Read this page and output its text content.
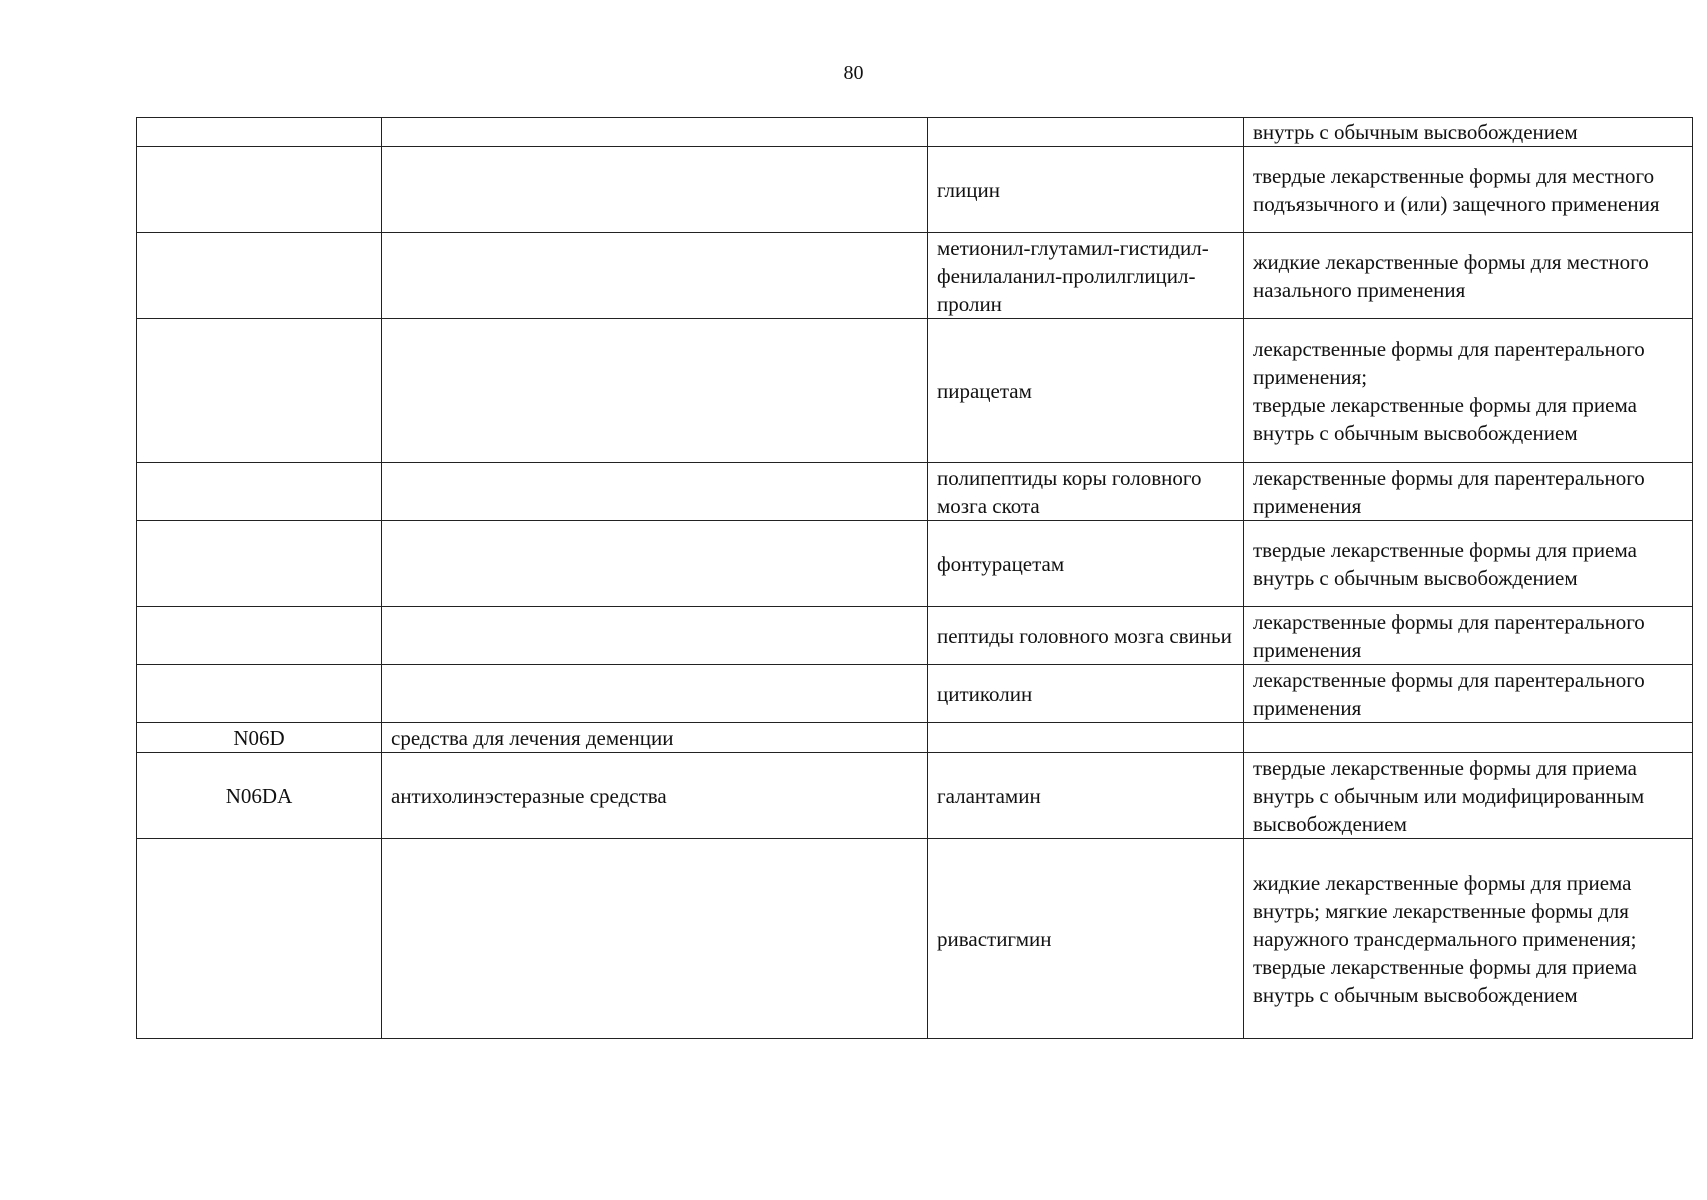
80
			внутрь с обычным высвобождением
		глицин	твердые лекарственные формы для местного подъязычного и (или) защечного применения
		метионил-глутамил-гистидил-фенилаланил-пролилглицил-пролин	жидкие лекарственные формы для местного назального применения
		пирацетам	лекарственные формы для парентерального применения;
твердые лекарственные формы для приема внутрь с обычным высвобождением
		полипептиды коры головного мозга скота	лекарственные формы для парентерального применения
		фонтурацетам	твердые лекарственные формы для приема внутрь с обычным высвобождением
		пептиды головного мозга свиньи	лекарственные формы для парентерального применения
		цитиколин	лекарственные формы для парентерального применения
N06D	средства для лечения деменции		
N06DA	антихолинэстеразные средства	галантамин	твердые лекарственные формы для приема внутрь с обычным или модифицированным высвобождением
		ривастигмин	жидкие лекарственные формы для приема внутрь; мягкие лекарственные формы для наружного трансдермального применения;
твердые лекарственные формы для приема внутрь с обычным высвобождением
